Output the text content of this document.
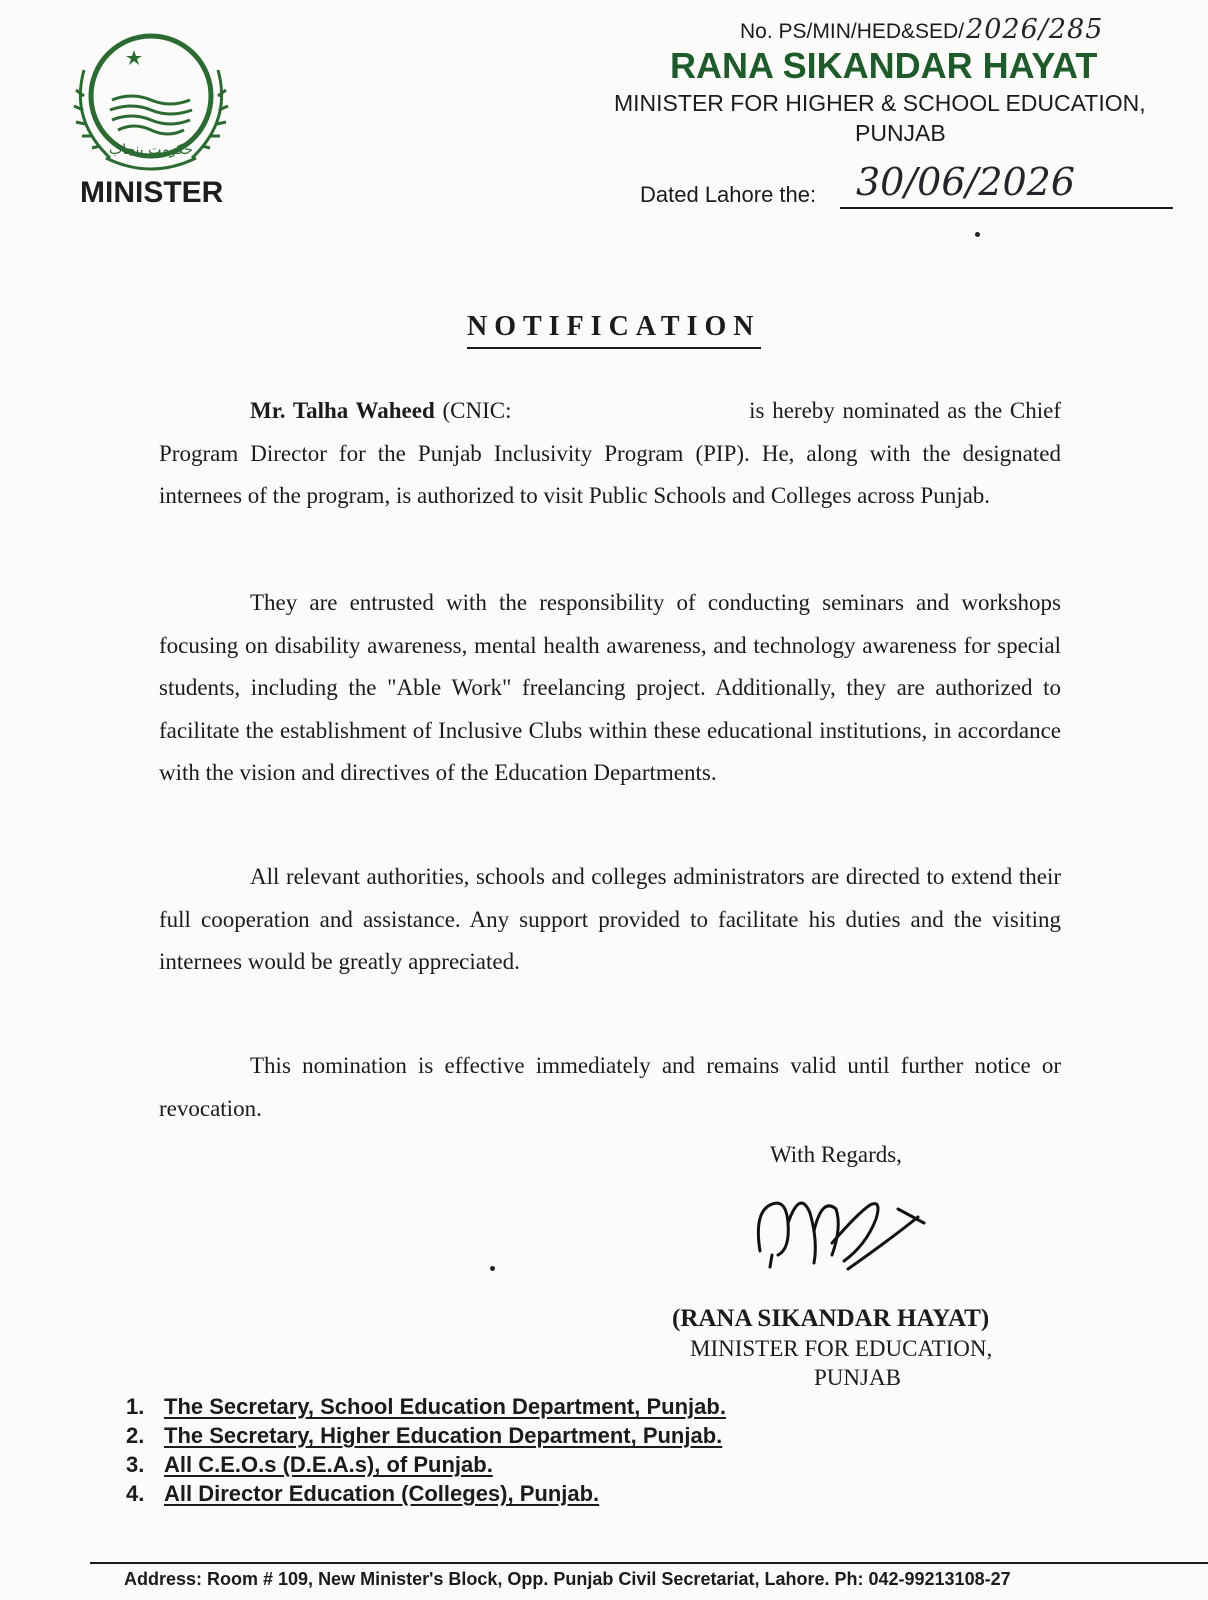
حکومت پنجاب
MINISTER
No. PS/MIN/HED&SED/2026/285
RANA SIKANDAR HAYAT
MINISTER FOR HIGHER & SCHOOL EDUCATION,
PUNJAB
Dated Lahore the: 30/06/2026
NOTIFICATION

Mr. Talha Waheed (CNIC:	is hereby nominated as the Chief Program Director for the Punjab Inclusivity Program (PIP). He, along with the designated internees of the program, is authorized to visit Public Schools and Colleges across Punjab.

They are entrusted with the responsibility of conducting seminars and workshops focusing on disability awareness, mental health awareness, and technology awareness for special students, including the "Able Work" freelancing project. Additionally, they are authorized to facilitate the establishment of Inclusive Clubs within these educational institutions, in accordance with the vision and directives of the Education Departments.

All relevant authorities, schools and colleges administrators are directed to extend their full cooperation and assistance. Any support provided to facilitate his duties and the visiting internees would be greatly appreciated.

This nomination is effective immediately and remains valid until further notice or revocation.

With Regards,
(RANA SIKANDAR HAYAT)
MINISTER FOR EDUCATION,
PUNJAB
1. The Secretary, School Education Department, Punjab.
2. The Secretary, Higher Education Department, Punjab.
3. All C.E.O.s (D.E.A.s), of Punjab.
4. All Director Education (Colleges), Punjab.
Address: Room # 109, New Minister's Block, Opp. Punjab Civil Secretariat, Lahore. Ph: 042-99213108-27
